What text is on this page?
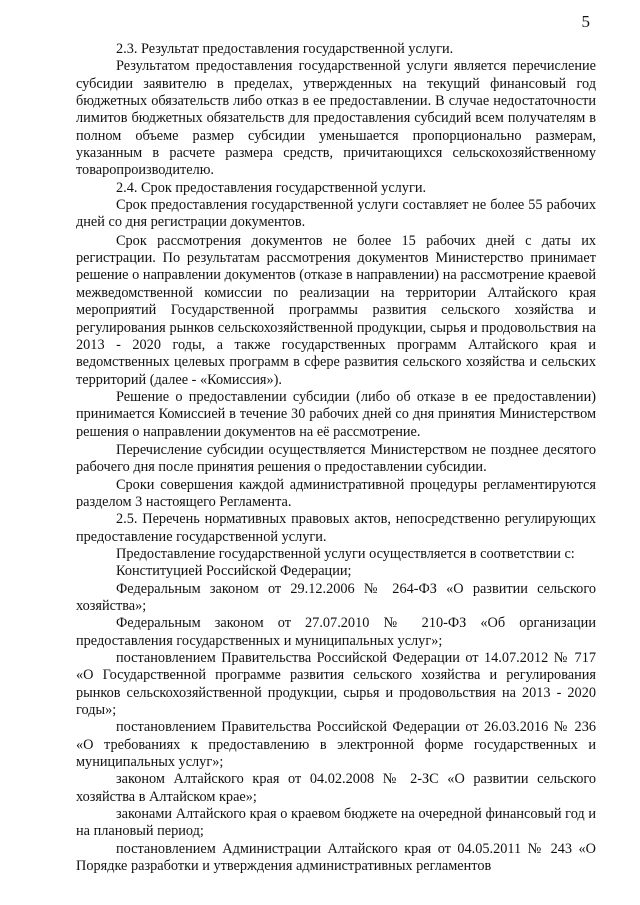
5

2.3. Результат предоставления государственной услуги.

Результатом предоставления государственной услуги является перечисление субсидии заявителю в пределах, утвержденных на текущий финансовый год бюджетных обязательств либо отказ в ее предоставлении. В случае недостаточности лимитов бюджетных обязательств для предоставления субсидий всем получателям в полном объеме размер субсидии уменьшается пропорционально размерам, указанным в расчете размера средств, причитающихся сельскохозяйственному товаропроизводителю.

2.4. Срок предоставления государственной услуги.

Срок предоставления государственной услуги составляет не более 55 рабочих дней со дня регистрации документов.

Срок рассмотрения документов не более 15 рабочих дней с даты их регистрации. По результатам рассмотрения документов Министерство принимает решение о направлении документов (отказе в направлении) на рассмотрение краевой межведомственной комиссии по реализации на территории Алтайского края мероприятий Государственной программы развития сельского хозяйства и регулирования рынков сельскохозяйственной продукции, сырья и продовольствия на 2013 - 2020 годы, а также государственных программ Алтайского края и ведомственных целевых программ в сфере развития сельского хозяйства и сельских территорий (далее - «Комиссия»).

Решение о предоставлении субсидии (либо об отказе в ее предоставлении) принимается Комиссией в течение 30 рабочих дней со дня принятия Министерством решения о направлении документов на её рассмотрение.

Перечисление субсидии осуществляется Министерством не позднее десятого рабочего дня после принятия решения о предоставлении субсидии.

Сроки совершения каждой административной процедуры регламентируются разделом 3 настоящего Регламента.

2.5. Перечень нормативных правовых актов, непосредственно регулирующих предоставление государственной услуги.

Предоставление государственной услуги осуществляется в соответствии с:

Конституцией Российской Федерации;

Федеральным законом от 29.12.2006 № 264-ФЗ «О развитии сельского хозяйства»;

Федеральным законом от 27.07.2010 № 210-ФЗ «Об организации предоставления государственных и муниципальных услуг»;

постановлением Правительства Российской Федерации от 14.07.2012 № 717 «О Государственной программе развития сельского хозяйства и регулирования рынков сельскохозяйственной продукции, сырья и продовольствия на 2013 - 2020 годы»;

постановлением Правительства Российской Федерации от 26.03.2016 № 236 «О требованиях к предоставлению в электронной форме государственных и муниципальных услуг»;

законом Алтайского края от 04.02.2008 № 2-ЗС «О развитии сельского хозяйства в Алтайском крае»;

законами Алтайского края о краевом бюджете на очередной финансовый год и на плановый период;

постановлением Администрации Алтайского края от 04.05.2011 № 243 «О Порядке разработки и утверждения административных регламентов
